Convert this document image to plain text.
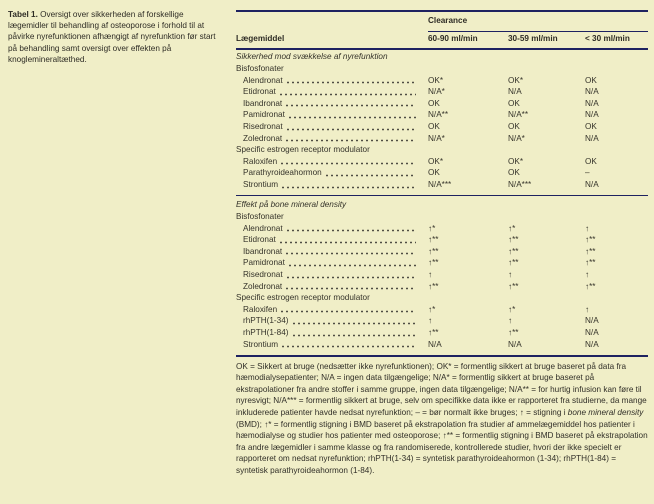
Tabel 1. Oversigt over sikkerheden af forskellige lægemidler til behandling af osteoporose i forhold til at påvirke nyrefunktionen afhængigt af nyrefunktion før start på behandling samt oversigt over effekten på knoglemineraltæthed.
Clearance
Lægemiddel	60-90 ml/min	30-59 ml/min	< 30 ml/min
Sikkerhed mod svækkelse af nyrefunktion
Bisfosfonater
Alendronat	OK*	OK*	OK
Etidronat	N/A*	N/A	N/A
Ibandronat	OK	OK	N/A
Pamidronat	N/A**	N/A**	N/A
Risedronat	OK	OK	OK
Zoledronat	N/A*	N/A*	N/A
Specific estrogen receptor modulator
Raloxifen	OK*	OK*	OK
Parathyroideahormon	OK	OK	–
Strontium	N/A***	N/A***	N/A
Effekt på bone mineral density
Bisfosfonater
Alendronat	↑*	↑*	↑
Etidronat	↑**	↑**	↑**
Ibandronat	↑**	↑**	↑**
Pamidronat	↑**	↑**	↑**
Risedronat	↑	↑	↑
Zoledronat	↑**	↑**	↑**
Specific estrogen receptor modulator
Raloxifen	↑*	↑*	↑
rhPTH(1-34)	↑	↑	N/A
rhPTH(1-84)	↑**	↑**	N/A
Strontium	N/A	N/A	N/A
OK = Sikkert at bruge (nedsætter ikke nyrefunktionen); OK* = formentlig sikkert at bruge baseret på data fra hæmodialysepatienter; N/A = ingen data tilgængelige; N/A* = formentlig sikkert at bruge baseret på ekstrapolationer fra andre stoffer i samme gruppe, ingen data tilgængelige; N/A** = for hurtig infusion kan føre til nyresvigt; N/A*** = formentlig sikkert at bruge, selv om specifikke data ikke er rapporteret fra studierne, da mange inkluderede patienter havde nedsat nyrefunktion; – = bør normalt ikke bruges; ↑ = stigning i bone mineral density (BMD); ↑* = formentlig stigning i BMD baseret på ekstrapolation fra studier af ammelægemiddel hos patienter i hæmodialyse og studier hos patienter med osteoporose; ↑** = formentlig stigning i BMD baseret på ekstrapolation fra andre lægemidler i samme klasse og fra randomiserede, kontrollerede studier, hvori der ikke specielt er rapporteret om nedsat nyrefunktion; rhPTH(1-34) = syntetisk parathyroideahormon (1-34); rhPTH(1-84) = syntetisk parathyroideahormon (1-84).
